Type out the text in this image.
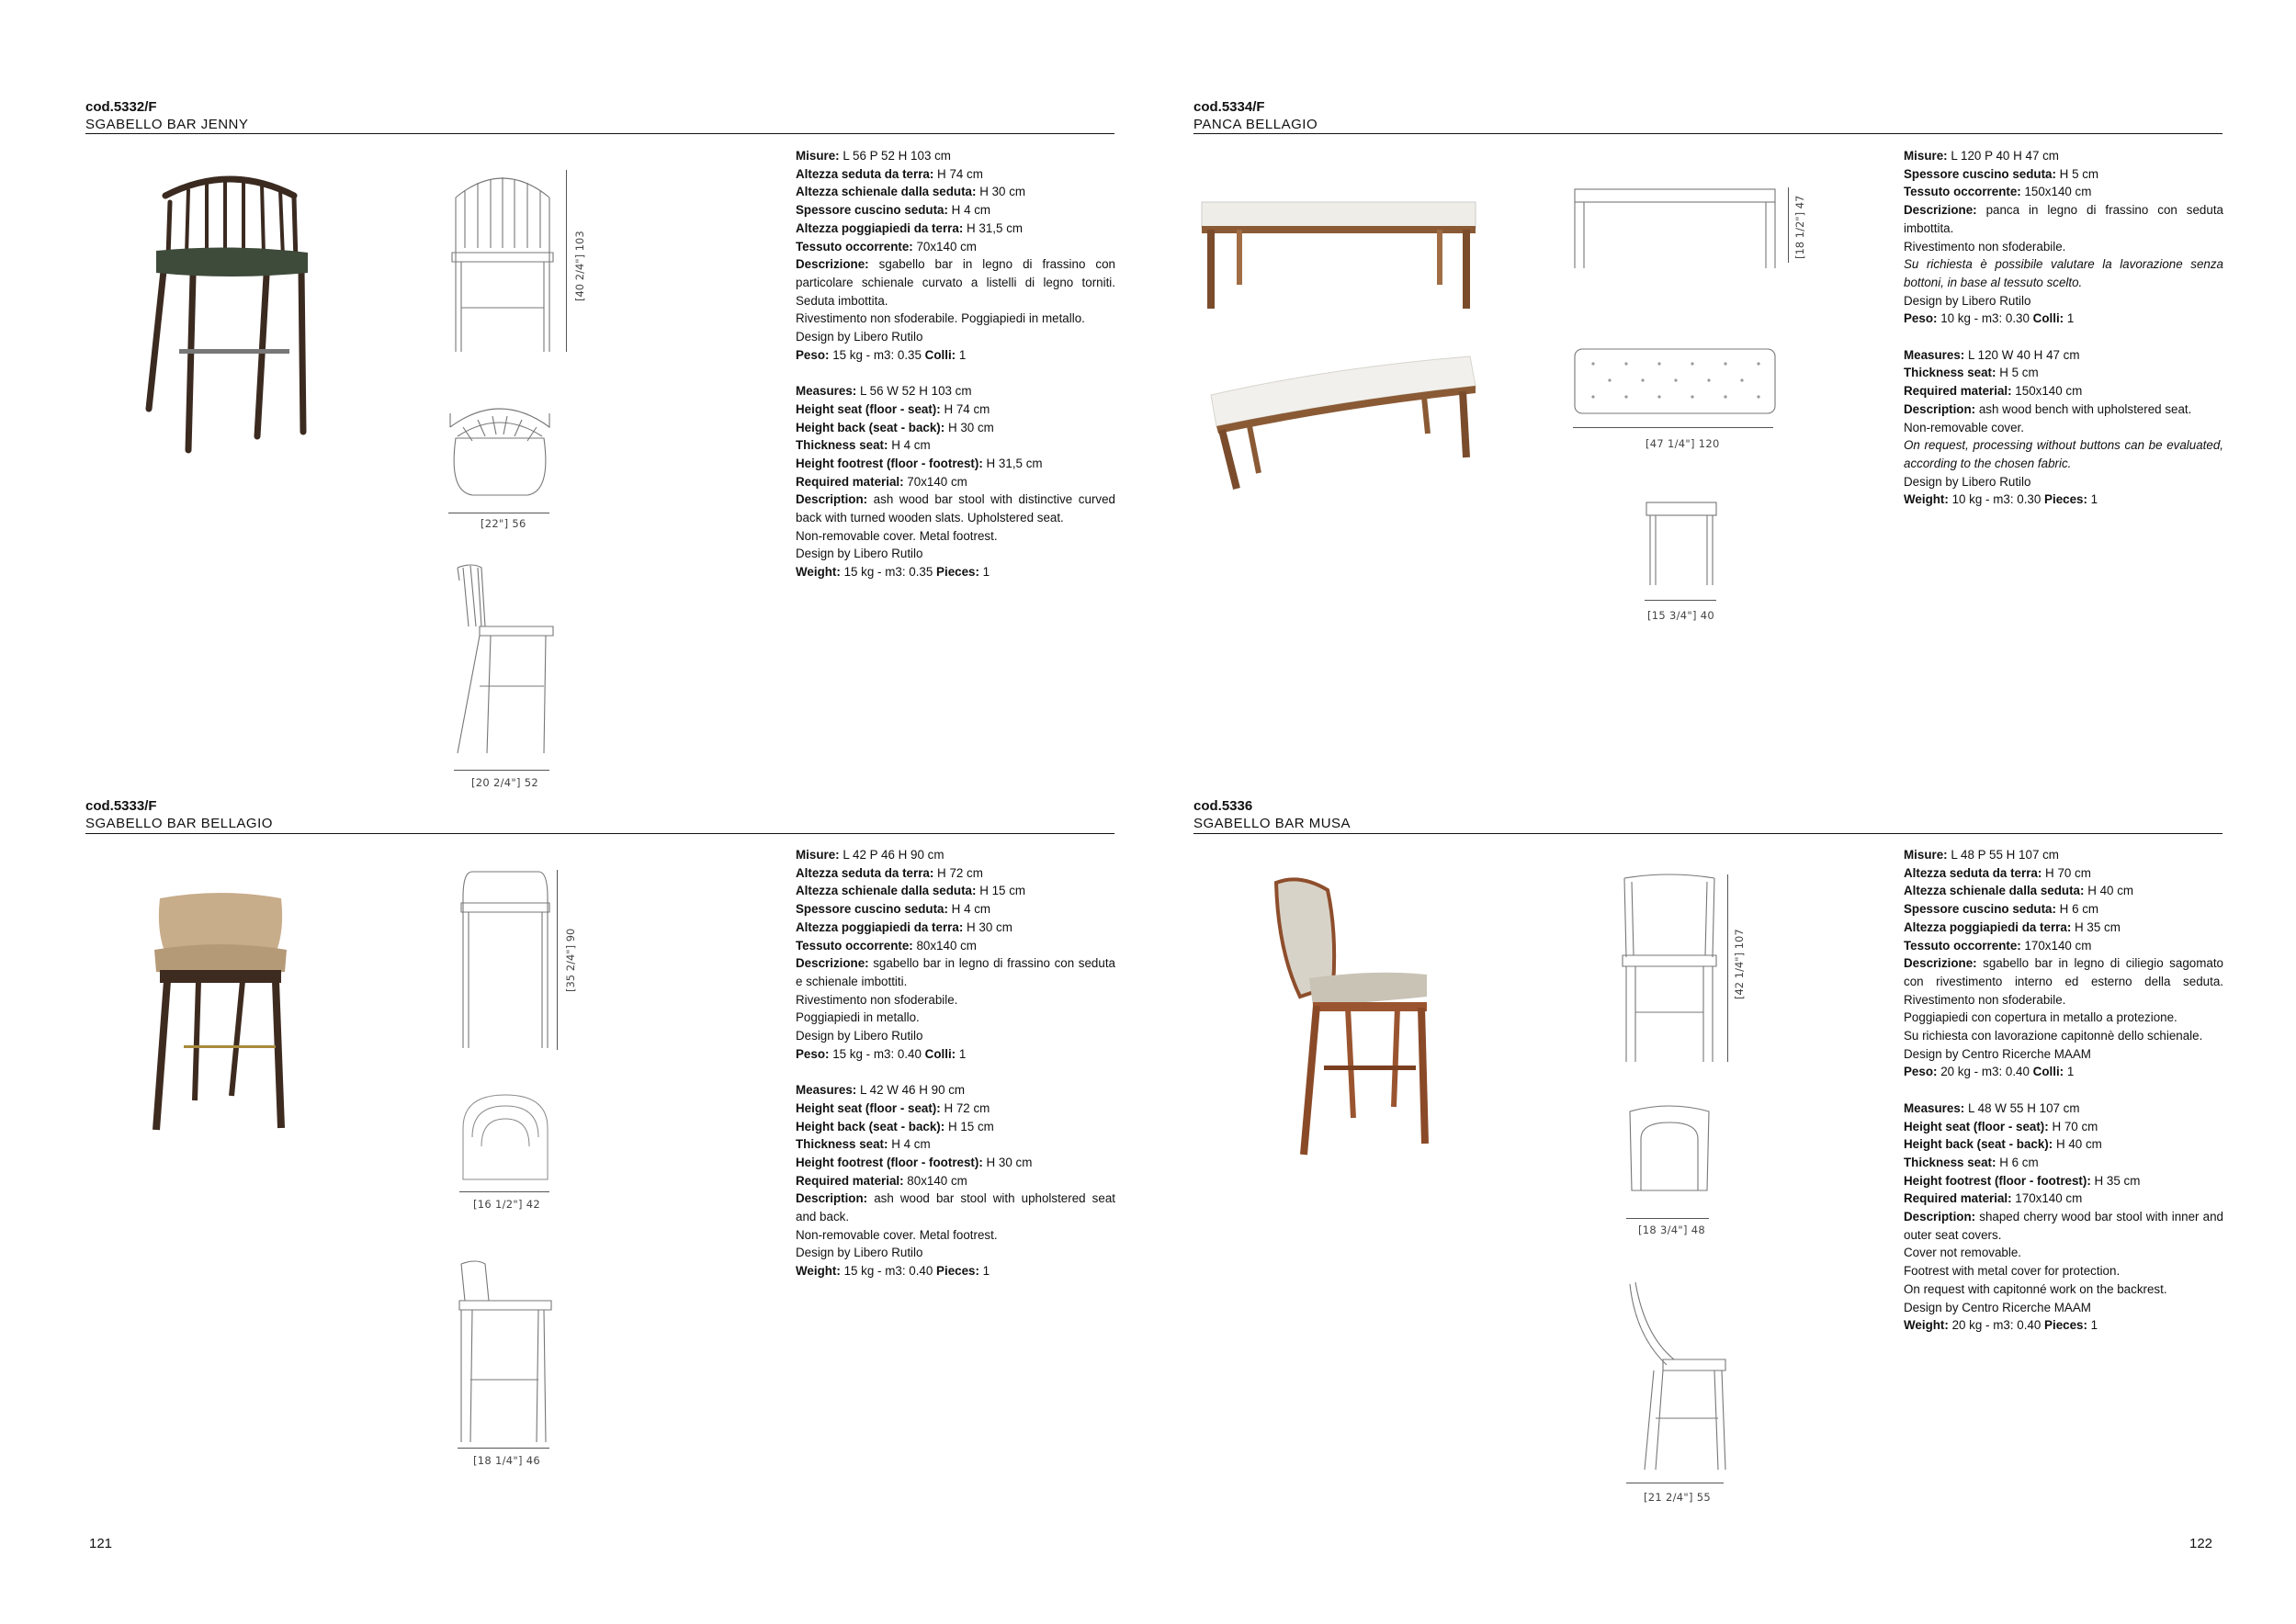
cod.5332/F
SGABELLO BAR JENNY
[40 2/4"] 103
[22"] 56
[20 2/4"] 52

Misure: L 56 P 52 H 103 cm

Altezza seduta da terra: H 74 cm

Altezza schienale dalla seduta: H 30 cm

Spessore cuscino seduta: H 4 cm

Altezza poggiapiedi da terra: H 31,5 cm

Tessuto occorrente: 70x140 cm

Descrizione: sgabello bar in legno di frassino con particolare schienale curvato a listelli di legno torniti. Seduta imbottita.

Rivestimento non sfoderabile. Poggiapiedi in metallo.

Design by Libero Rutilo

Peso: 15 kg - m3: 0.35 Colli: 1

Measures: L 56 W 52 H 103 cm

Height seat (floor - seat): H 74 cm

Height back (seat - back): H 30 cm

Thickness seat: H 4 cm

Height footrest (floor - footrest): H 31,5 cm

Required material: 70x140 cm

Description: ash wood bar stool with distinctive curved back with turned wooden slats. Upholstered seat.

Non-removable cover. Metal footrest.

Design by Libero Rutilo

Weight: 15 kg - m3: 0.35 Pieces: 1

cod.5334/F
PANCA BELLAGIO
[18 1/2"] 47
[47 1/4"] 120
[15 3/4"] 40

Misure: L 120 P 40 H 47 cm

Spessore cuscino seduta: H 5 cm

Tessuto occorrente: 150x140 cm

Descrizione: panca in legno di frassino con seduta imbottita.

Rivestimento non sfoderabile.

Su richiesta è possibile valutare la lavorazione senza bottoni, in base al tessuto scelto.

Design by Libero Rutilo

Peso: 10 kg - m3: 0.30 Colli: 1

Measures: L 120 W 40 H 47 cm

Thickness seat: H 5 cm

Required material: 150x140 cm

Description: ash wood bench with upholstered seat.

Non-removable cover.

On request, processing without buttons can be evaluated, according to the chosen fabric.

Design by Libero Rutilo

Weight: 10 kg - m3: 0.30 Pieces: 1

cod.5333/F
SGABELLO BAR BELLAGIO
[35 2/4"] 90
[16 1/2"] 42
[18 1/4"] 46

Misure: L 42 P 46 H 90 cm

Altezza seduta da terra: H 72 cm

Altezza schienale dalla seduta: H 15 cm

Spessore cuscino seduta: H 4 cm

Altezza poggiapiedi da terra: H 30 cm

Tessuto occorrente: 80x140 cm

Descrizione: sgabello bar in legno di frassino con seduta e schienale imbottiti.

Rivestimento non sfoderabile.

Poggiapiedi in metallo.

Design by Libero Rutilo

Peso: 15 kg - m3: 0.40 Colli: 1

Measures: L 42 W 46 H 90 cm

Height seat (floor - seat): H 72 cm

Height back (seat - back): H 15 cm

Thickness seat: H 4 cm

Height footrest (floor - footrest): H 30 cm

Required material: 80x140 cm

Description: ash wood bar stool with upholstered seat and back.

Non-removable cover. Metal footrest.

Design by Libero Rutilo

Weight: 15 kg - m3: 0.40 Pieces: 1

cod.5336
SGABELLO BAR MUSA
[42 1/4"] 107
[18 3/4"] 48
[21 2/4"] 55

Misure: L 48 P 55 H 107 cm

Altezza seduta da terra: H 70 cm

Altezza schienale dalla seduta: H 40 cm

Spessore cuscino seduta: H 6 cm

Altezza poggiapiedi da terra: H 35 cm

Tessuto occorrente: 170x140 cm

Descrizione: sgabello bar in legno di ciliegio sagomato con rivestimento interno ed esterno della seduta. Rivestimento non sfoderabile.

Poggiapiedi con copertura in metallo a protezione.

Su richiesta con lavorazione capitonnè dello schienale.

Design by Centro Ricerche MAAM

Peso: 20 kg - m3: 0.40 Colli: 1

Measures: L 48 W 55 H 107 cm

Height seat (floor - seat): H 70 cm

Height back (seat - back): H 40 cm

Thickness seat: H 6 cm

Height footrest (floor - footrest): H 35 cm

Required material: 170x140 cm

Description: shaped cherry wood bar stool with inner and outer seat covers.

Cover not removable.

Footrest with metal cover for protection.

On request with capitonné work on the backrest.

Design by Centro Ricerche MAAM

Weight: 20 kg - m3: 0.40 Pieces: 1

121	122
